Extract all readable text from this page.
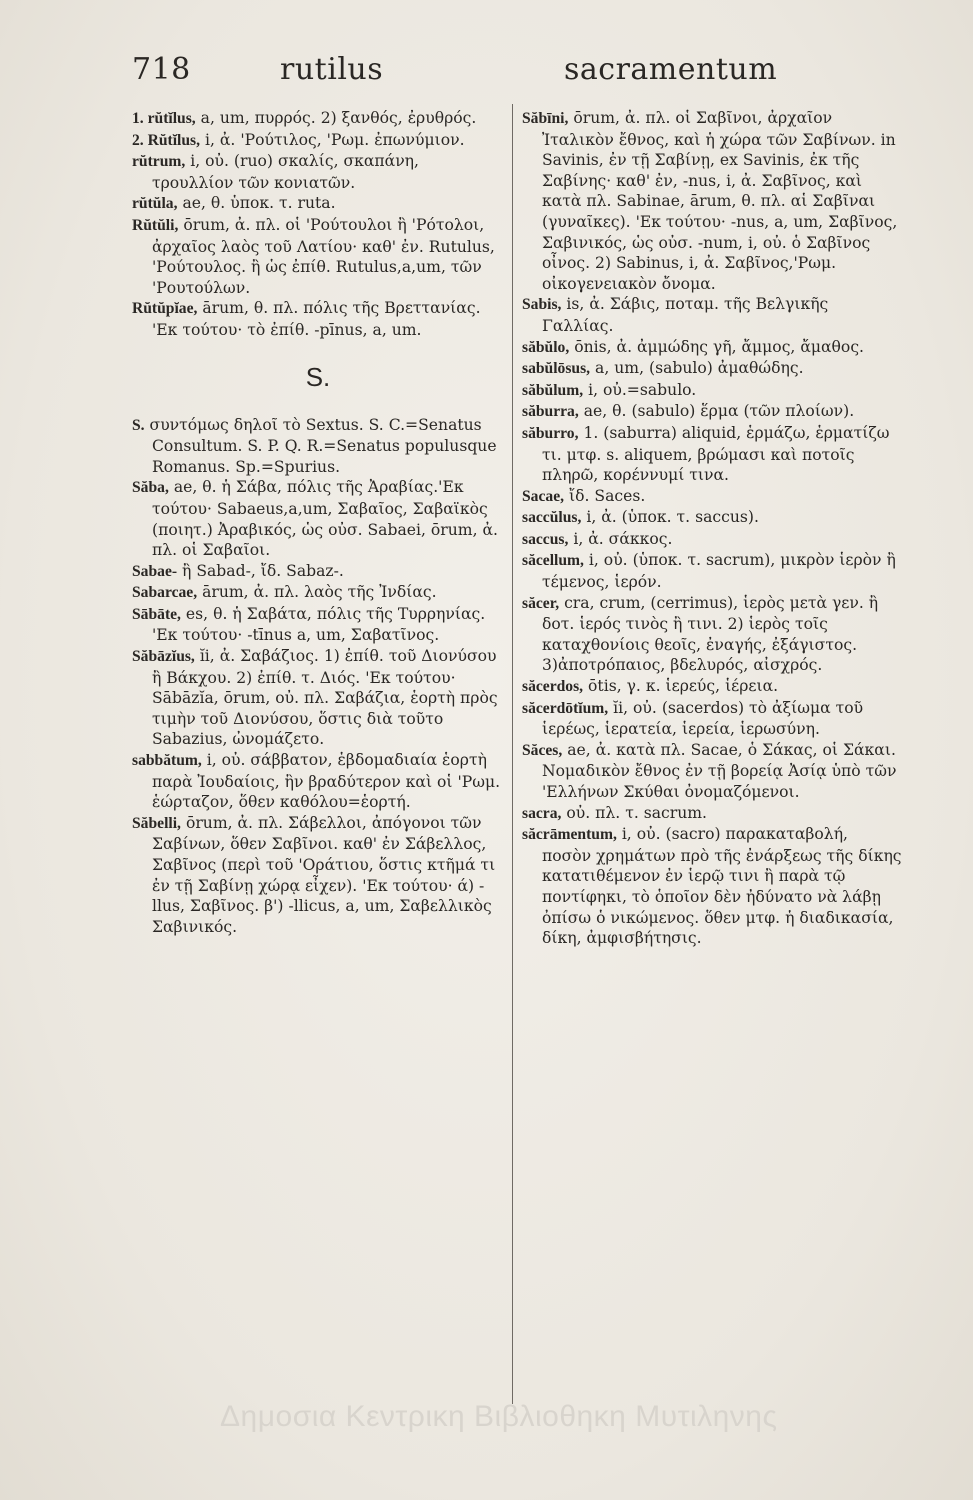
718	rutilus	sacramentum

1. rŭtĭlus, a, um, πυρρός. 2) ξανθός, ἐρυθρός.

2. Rŭtĭlus, i, ἀ. 'Ρούτιλος, 'Ρωμ. ἐπωνύμιον.

rŭtrum, i, οὐ. (ruo) σκαλίς, σκαπάνη, τρουλλίον τῶν κονιατῶν.

rŭtŭla, ae, θ. ὑποκ. τ. ruta.

Rŭtŭli, ōrum, ἀ. πλ. οἱ 'Ρούτουλοι ἢ 'Ρότολοι, ἀρχαῖος λαὸς τοῦ Λατίου· καθ' ἐν. Rutulus, 'Ρούτουλος. ἢ ὡς ἐπίθ. Rutulus,a,um, τῶν 'Ρουτούλων.

Rŭtŭpĭae, ārum, θ. πλ. πόλις τῆς Βρεττανίας. 'Εκ τούτου· τὸ ἐπίθ. -pīnus, a, um.

S.

S. συντόμως δηλοῖ τὸ Sextus. S. C.=Senatus Consultum. S. P. Q. R.=Senatus populusque Romanus. Sp.=Spurius.

Săba, ae, θ. ἡ Σάβα, πόλις τῆς Ἀραβίας.'Εκ τούτου· Sabaeus,a,um, Σαβαῖος, Σαβαϊκὸς (ποιητ.) Ἀραβικός, ὡς οὐσ. Sabaei, ōrum, ἀ. πλ. οἱ Σαβαῖοι.

Sabae- ἢ Sabad-, ἴδ. Sabaz-.

Sabarcae, ārum, ἀ. πλ. λαὸς τῆς Ἰνδίας.

Sābāte, es, θ. ἡ Σαβάτα, πόλις τῆς Τυρρηνίας. 'Εκ τούτου· -tīnus a, um, Σαβατῖνος.

Săbāzĭus, ĭi, ἀ. Σαβάζιος. 1) ἐπίθ. τοῦ Διονύσου ἢ Βάκχου. 2) ἐπίθ. τ. Διός. 'Εκ τούτου· Sābāzĭa, ōrum, οὐ. πλ. Σαβάζια, ἑορτὴ πρὸς τιμὴν τοῦ Διονύσου, ὅστις διὰ τοῦτο Sabazius, ὠνομάζετο.

sabbătum, i, οὐ. σάββατον, ἑβδομαδιαία ἑορτὴ παρὰ Ἰουδαίοις, ἣν βραδύτερον καὶ οἱ 'Ρωμ. ἑώρταζον, ὅθεν καθόλου=ἑορτή.

Săbelli, ōrum, ἀ. πλ. Σάβελλοι, ἀπόγονοι τῶν Σαβίνων, ὅθεν Σαβῖνοι. καθ' ἐν Σάβελλος, Σαβῖνος (περὶ τοῦ 'Οράτιου, ὅστις κτῆμά τι ἐν τῇ Σαβίνῃ χώρᾳ εἶχεν). 'Εκ τούτου· ά) -llus, Σαβῖνος. β') -llicus, a, um, Σαβελλικὸς Σαβινικός.

Săbīni, ōrum, ἀ. πλ. οἱ Σαβῖνοι, ἀρχαῖον Ἰταλικὸν ἔθνος, καὶ ἡ χώρα τῶν Σαβίνων. in Savinis, ἐν τῇ Σαβίνῃ, ex Savinis, ἐκ τῆς Σαβίνης· καθ' ἐν, -nus, i, ἀ. Σαβῖνος, καὶ κατὰ πλ. Sabinae, ārum, θ. πλ. αἱ Σαβῖναι (γυναῖκες). 'Εκ τούτου· -nus, a, um, Σαβῖνος, Σαβινικός, ὡς οὐσ. -num, i, οὐ. ὁ Σαβῖνος οἶνος. 2) Sabinus, i, ἀ. Σαβῖνος,'Ρωμ. οἰκογενειακὸν ὄνομα.

Sabis, is, ἀ. Σάβις, ποταμ. τῆς Βελγικῆς Γαλλίας.

săbŭlo, ōnis, ἀ. ἀμμώδης γῆ, ἄμμος, ἄμαθος.

sabŭlōsus, a, um, (sabulo) ἀμαθώδης.

săbŭlum, i, οὐ.=sabulo.

săburra, ae, θ. (sabulo) ἕρμα (τῶν πλοίων).

săburro, 1. (saburra) aliquid, ἑρμάζω, ἑρματίζω τι. μτφ. s. aliquem, βρώμασι καὶ ποτοῖς πληρῶ, κορέννυμί τινα.

Sacae, ἴδ. Saces.

saccŭlus, i, ἀ. (ὑποκ. τ. saccus).

saccus, i, ἀ. σάκκος.

săcellum, i, οὐ. (ὑποκ. τ. sacrum), μικρὸν ἱερὸν ἢ τέμενος, ἱερόν.

săcer, cra, crum, (cerrimus), ἱερὸς μετὰ γεν. ἢ δοτ. ἱερός τινὸς ἢ τινι. 2) ἱερὸς τοῖς καταχθονίοις θεοῖς, ἐναγής, ἐξάγιστος. 3)ἀποτρόπαιος, βδελυρός, αἰσχρός.

săcerdos, ōtis, γ. κ. ἱερεύς, ἱέρεια.

săcerdōtĭum, ĭi, οὐ. (sacerdos) τὸ ἀξίωμα τοῦ ἱερέως, ἱερατεία, ἱερεία, ἱερωσύνη.

Săces, ae, ἀ. κατὰ πλ. Sacae, ὁ Σάκας, οἱ Σάκαι. Νομαδικὸν ἔθνος ἐν τῇ βορείᾳ Ἀσίᾳ ὑπὸ τῶν 'Ελλήνων Σκύθαι ὀνομαζόμενοι.

sacra, οὐ. πλ. τ. sacrum.

săcrāmentum, i, οὐ. (sacro) παρακαταβολή, ποσὸν χρημάτων πρὸ τῆς ἐνάρξεως τῆς δίκης κατατιθέμενον ἐν ἱερῷ τινι ἢ παρὰ τῷ ποντίφηκι, τὸ ὁποῖον δὲν ἠδύνατο νὰ λάβῃ ὀπίσω ὁ νικώμενος. ὅθεν μτφ. ἡ διαδικασία, δίκη, ἀμφισβήτησις.

Δημοσια Κεντρικη Βιβλιοθηκη Μυτιληνης
